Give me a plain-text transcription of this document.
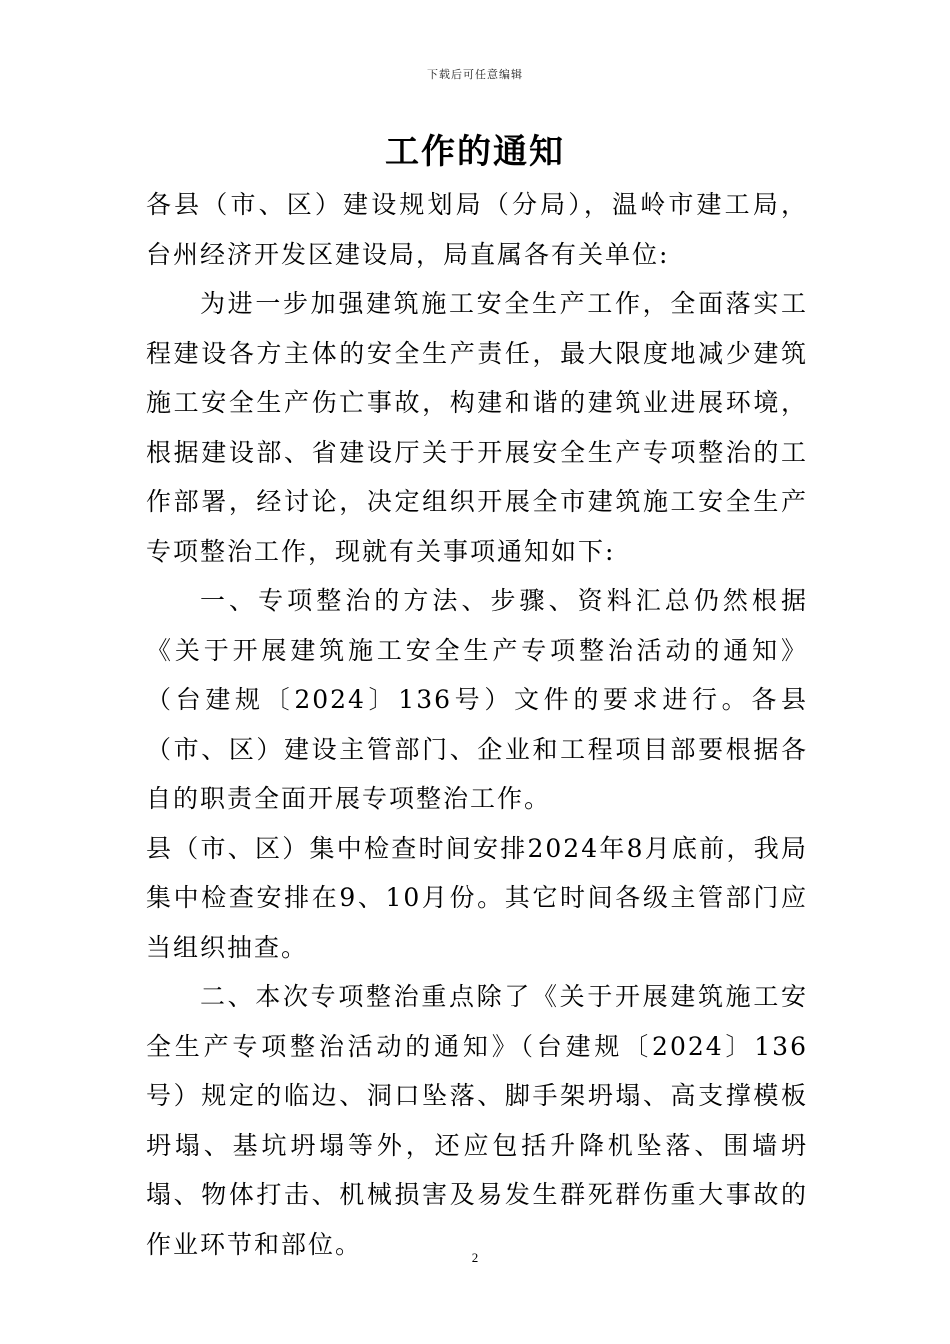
下载后可任意编辑
工作的通知

各县（市、区）建设规划局（分局），温岭市建工局，台州经济开发区建设局，局直属各有关单位:

为进一步加强建筑施工安全生产工作，全面落实工程建设各方主体的安全生产责任，最大限度地减少建筑施工安全生产伤亡事故，构建和谐的建筑业进展环境，根据建设部、省建设厅关于开展安全生产专项整治的工作部署，经讨论，决定组织开展全市建筑施工安全生产专项整治工作，现就有关事项通知如下:

一、专项整治的方法、步骤、资料汇总仍然根据《关于开展建筑施工安全生产专项整治活动的通知》（台建规〔2024〕136号）文件的要求进行。各县（市、区）建设主管部门、企业和工程项目部要根据各自的职责全面开展专项整治工作。

县（市、区）集中检查时间安排2024年8月底前，我局集中检查安排在9、10月份。其它时间各级主管部门应当组织抽查。

二、本次专项整治重点除了《关于开展建筑施工安全生产专项整治活动的通知》（台建规〔2024〕136号）规定的临边、洞口坠落、脚手架坍塌、高支撑模板坍塌、基坑坍塌等外，还应包括升降机坠落、围墙坍塌、物体打击、机械损害及易发生群死群伤重大事故的作业环节和部位。	2
